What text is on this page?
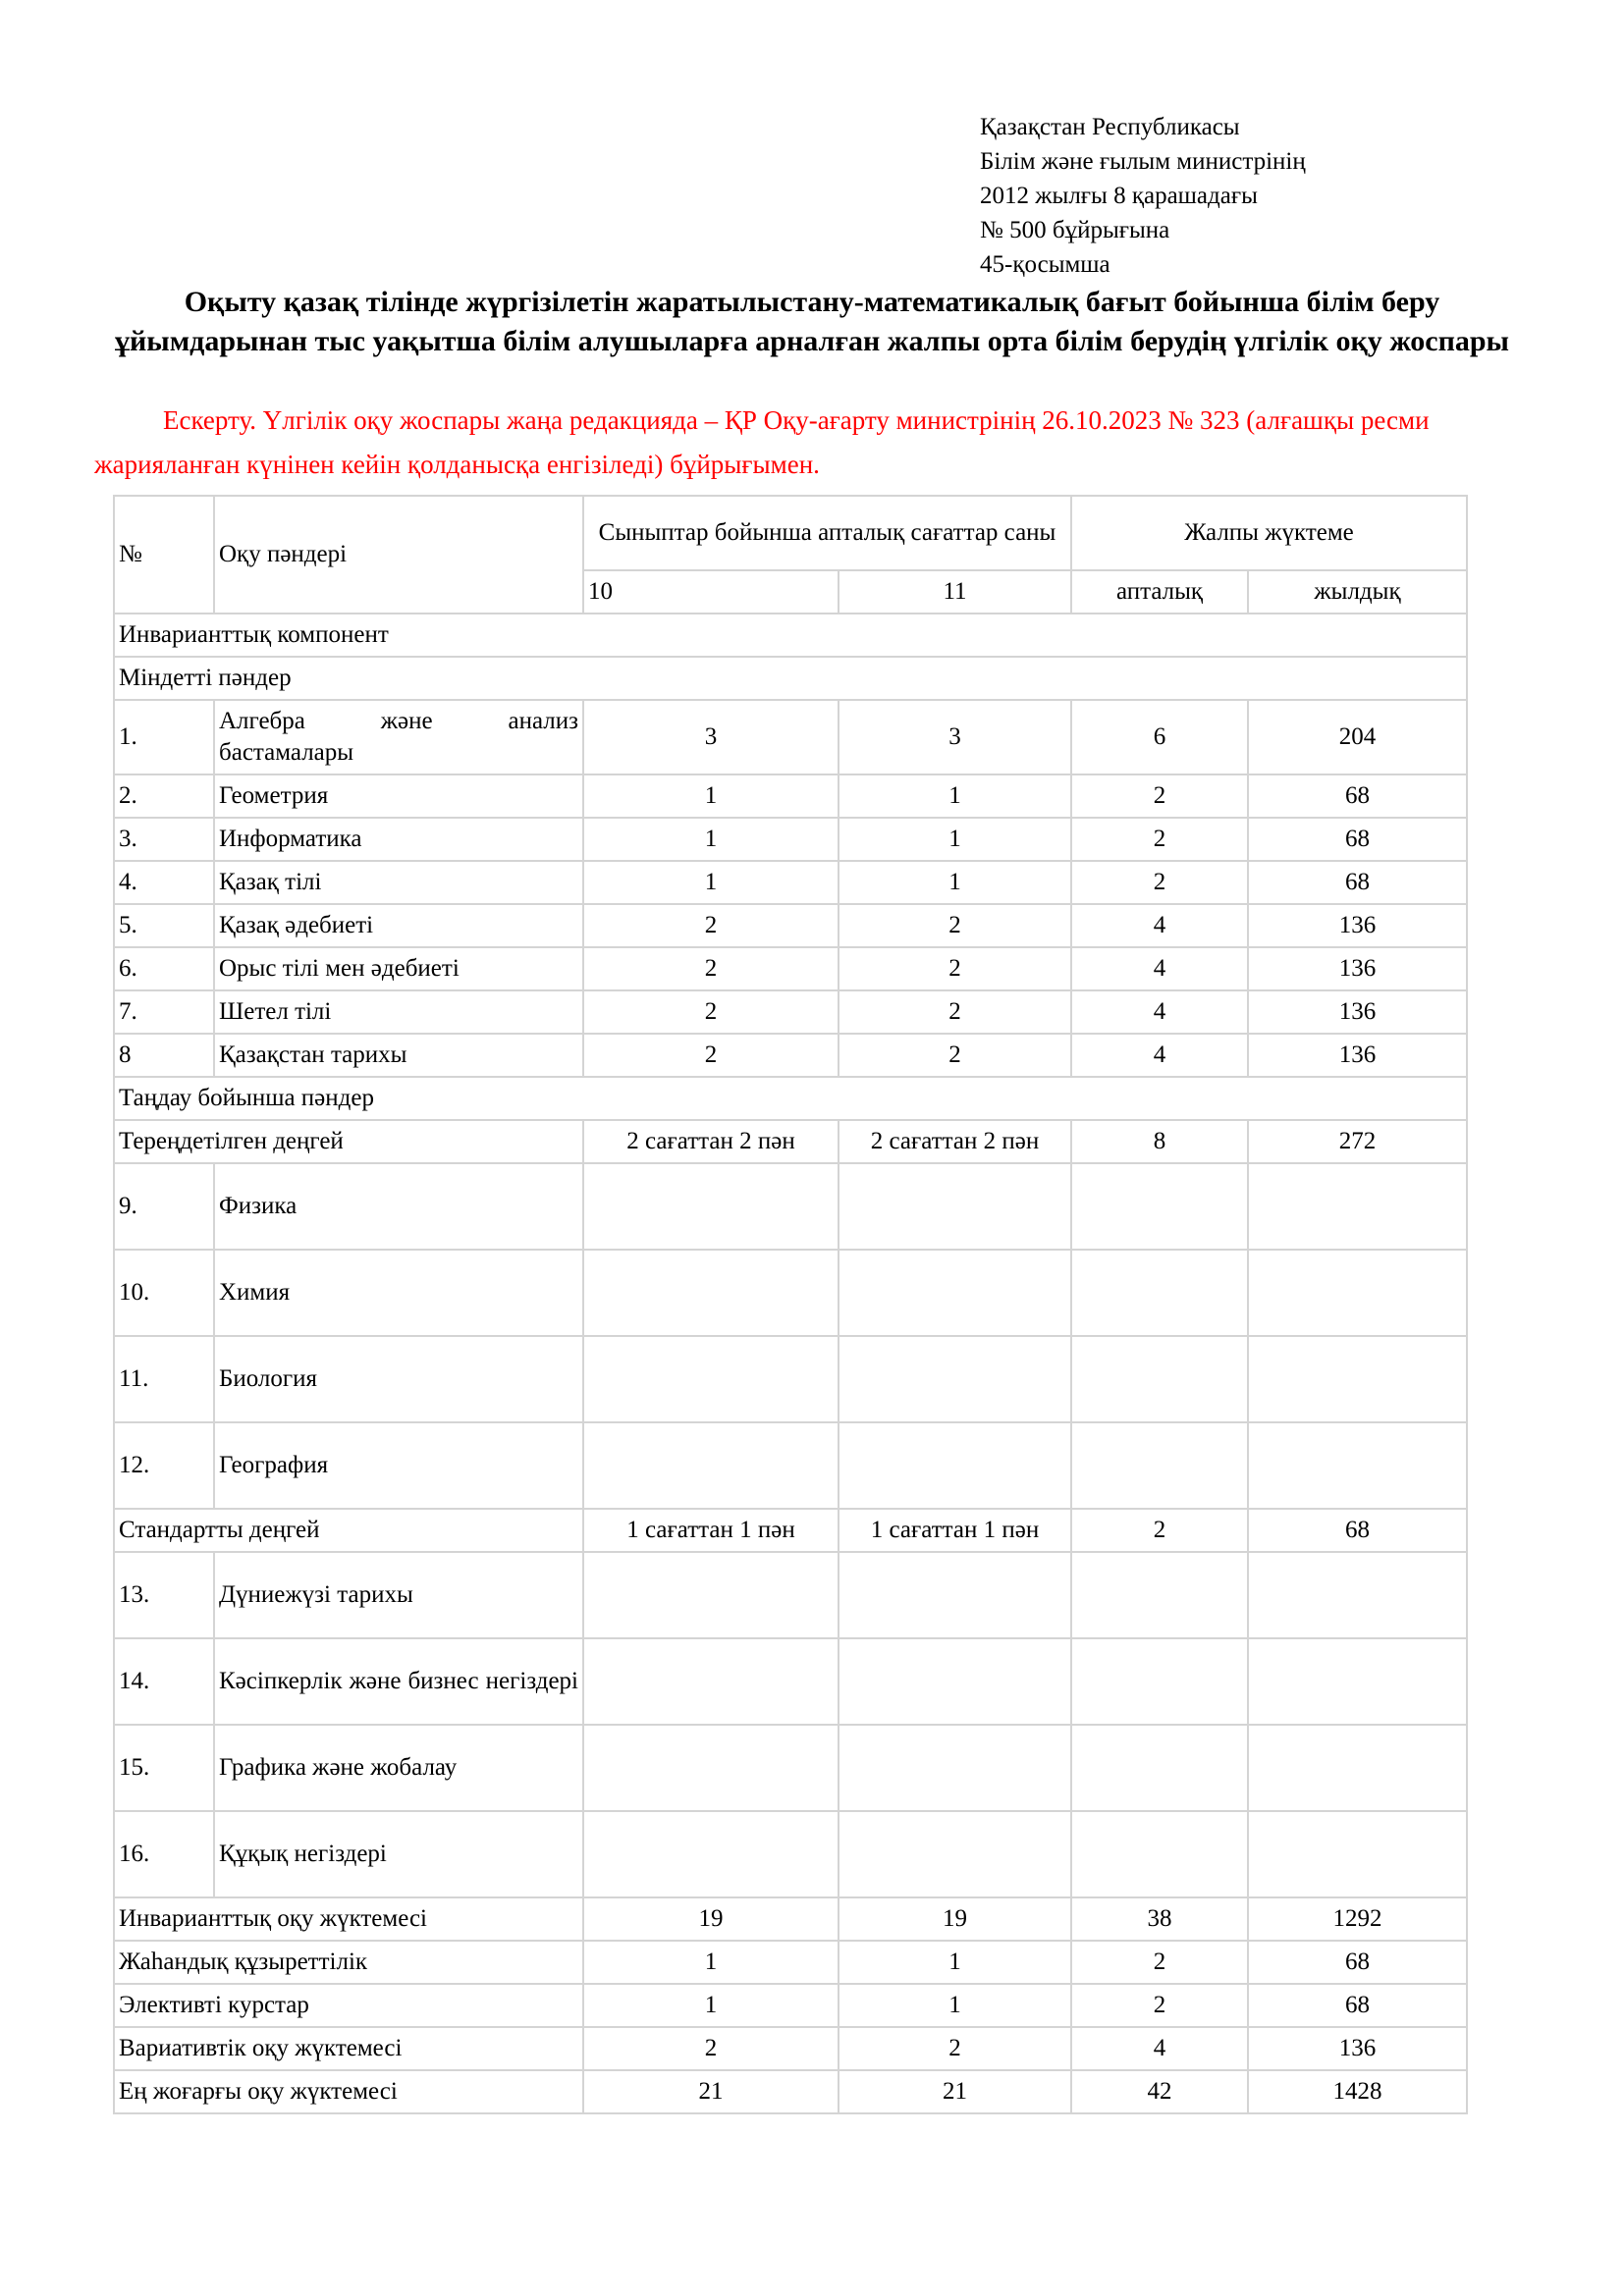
Қазақстан Республикасы
Білім және ғылым министрінің
2012 жылғы 8 қарашадағы
№ 500 бұйрығына
45-қосымша
Оқыту қазақ тілінде жүргізілетін жаратылыстану-математикалық бағыт бойынша білім беру ұйымдарынан тыс уақытша білім алушыларға арналған жалпы орта білім берудің үлгілік оқу жоспары
Ескерту. Үлгілік оқу жоспары жаңа редакцияда – ҚР Оқу-ағарту министрінің 26.10.2023 № 323 (алғашқы ресми жарияланған күнінен кейін қолданысқа енгізіледі) бұйрығымен.
№	Оқу пәндері	Сыныптар бойынша апталық сағаттар саны		Жалпы жүктеме	
		10	11	апталық	жылдық
Инварианттық компонент					
Міндетті пәндер					
1.	Алгебра және анализ бастамалары	3	3	6	204
2.	Геометрия	1	1	2	68
3.	Информатика	1	1	2	68
4.	Қазақ тілі	1	1	2	68
5.	Қазақ әдебиеті	2	2	4	136
6.	Орыс тілі мен әдебиеті	2	2	4	136
7.	Шетел тілі	2	2	4	136
8	Қазақстан тарихы	2	2	4	136
Таңдау бойынша пәндер					
Тереңдетілген деңгей		2 сағаттан 2 пән	2 сағаттан 2 пән	8	272
9.	Физика				
10.	Химия				
11.	Биология				
12.	География				
Стандартты деңгей		1 сағаттан 1 пән	1 сағаттан 1 пән	2	68
13.	Дүниежүзі тарихы				
14.	Кәсіпкерлік және бизнес негіздері				
15.	Графика және жобалау				
16.	Құқық негіздері				
Инварианттық оқу жүктемесі		19	19	38	1292
Жаһандық құзыреттілік		1	1	2	68
Элективті курстар		1	1	2	68
Вариативтік оқу жүктемесі		2	2	4	136
Ең жоғарғы оқу жүктемесі		21	21	42	1428
